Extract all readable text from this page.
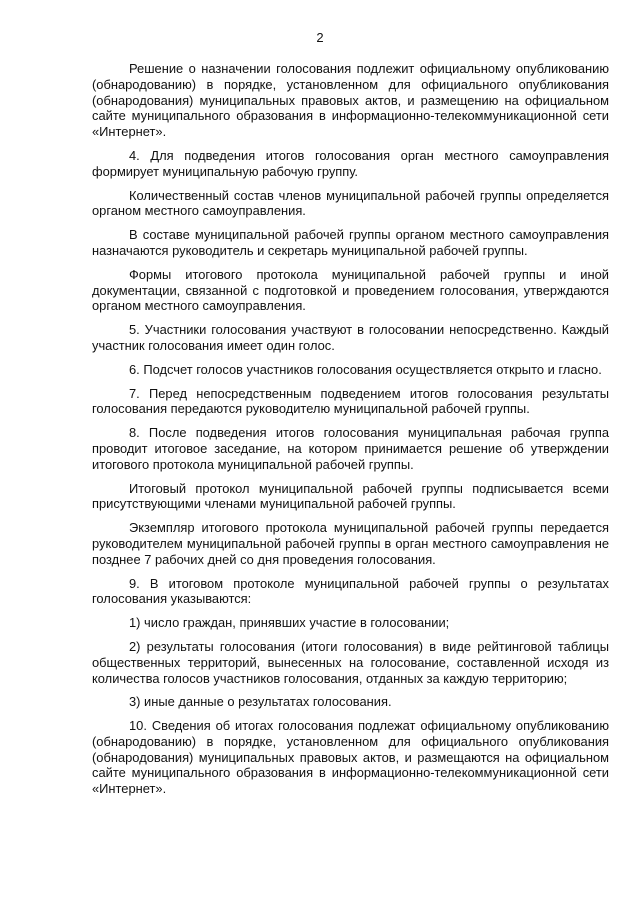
2

Решение о назначении голосования подлежит официальному опубликованию (обнародованию) в порядке, установленном для официального опубликования (обнародования) муниципальных правовых актов, и размещению на официальном сайте муниципального образования в информационно-телекоммуникационной сети «Интернет».

4. Для подведения итогов голосования орган местного самоуправления формирует муниципальную рабочую группу.

Количественный состав членов муниципальной рабочей группы определяется органом местного самоуправления.

В составе муниципальной рабочей группы органом местного самоуправления назначаются руководитель и секретарь муниципальной рабочей группы.

Формы итогового протокола муниципальной рабочей группы и иной документации, связанной с подготовкой и проведением голосования, утверждаются органом местного самоуправления.

5. Участники голосования участвуют в голосовании непосредственно. Каждый участник голосования имеет один голос.

6. Подсчет голосов участников голосования осуществляется открыто и гласно.

7. Перед непосредственным подведением итогов голосования результаты голосования передаются руководителю муниципальной рабочей группы.

8. После подведения итогов голосования муниципальная рабочая группа проводит итоговое заседание, на котором принимается решение об утверждении итогового протокола муниципальной рабочей группы.

Итоговый протокол муниципальной рабочей группы подписывается всеми присутствующими членами муниципальной рабочей группы.

Экземпляр итогового протокола муниципальной рабочей группы передается руководителем муниципальной рабочей группы в орган местного самоуправления не позднее 7 рабочих дней со дня проведения голосования.

9. В итоговом протоколе муниципальной рабочей группы о результатах голосования указываются:

1) число граждан, принявших участие в голосовании;

2) результаты голосования (итоги голосования) в виде рейтинговой таблицы общественных территорий, вынесенных на голосование, составленной исходя из количества голосов участников голосования, отданных за каждую территорию;

3) иные данные о результатах голосования.

10. Сведения об итогах голосования подлежат официальному опубликованию (обнародованию) в порядке, установленном для официального опубликования (обнародования) муниципальных правовых актов, и размещаются на официальном сайте муниципального образования в информационно-телекоммуникационной сети «Интернет».
